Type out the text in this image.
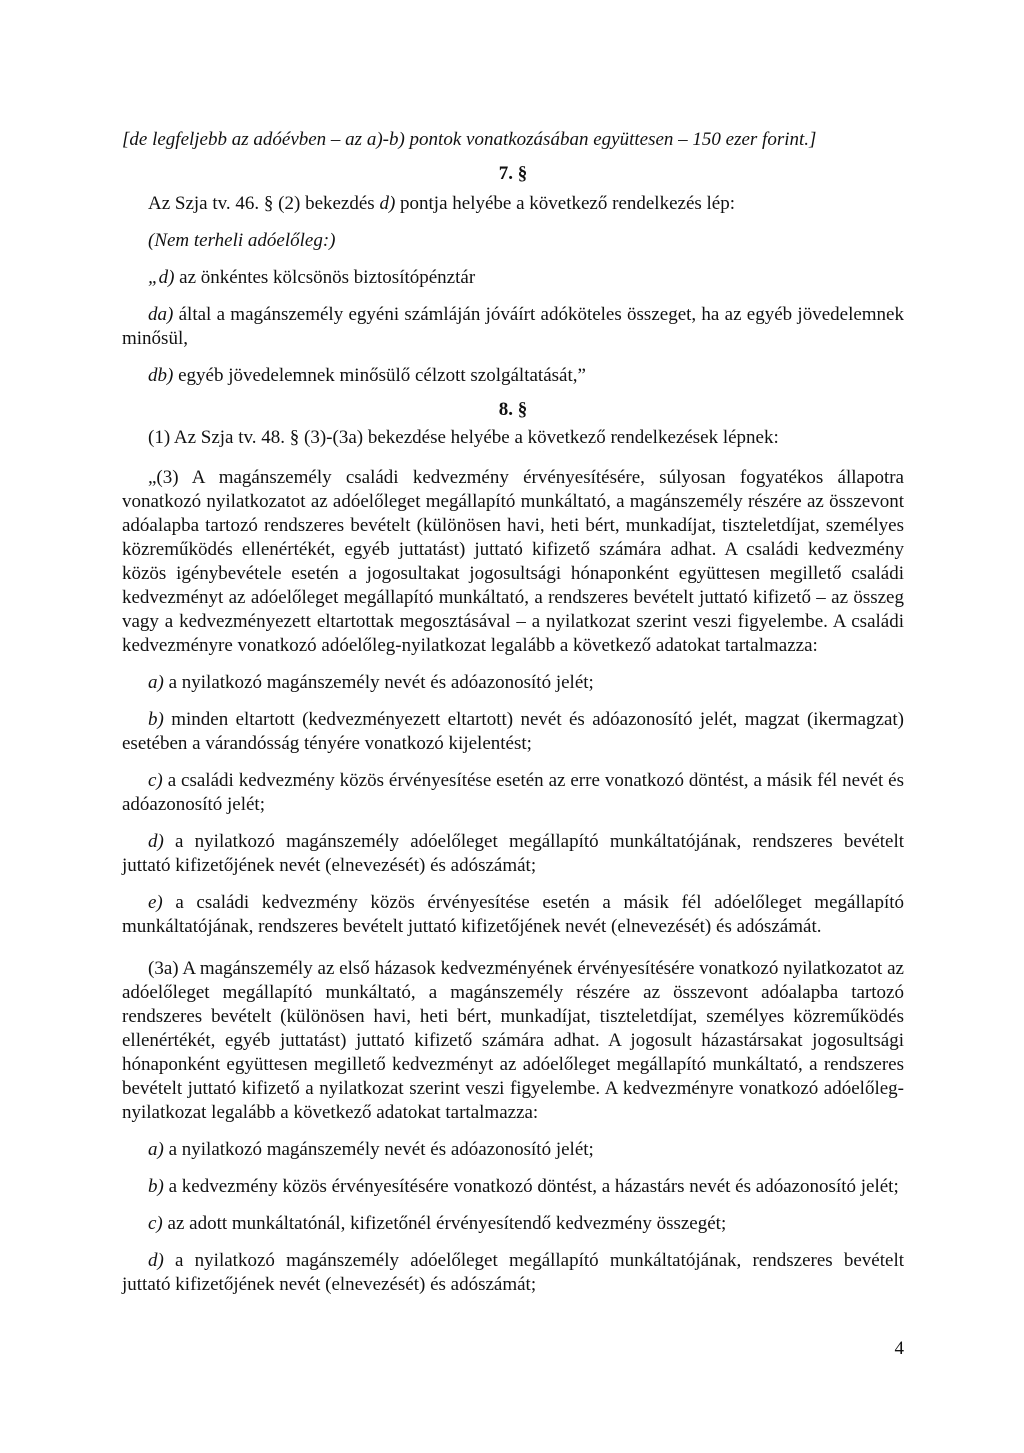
[de legfeljebb az adóévben – az a)-b) pontok vonatkozásában együttesen – 150 ezer forint.]

7. §

Az Szja tv. 46. § (2) bekezdés d) pontja helyébe a következő rendelkezés lép:

(Nem terheli adóelőleg:)

„d) az önkéntes kölcsönös biztosítópénztár

da) által a magánszemély egyéni számláján jóváírt adóköteles összeget, ha az egyéb jövedelemnek minősül,

db) egyéb jövedelemnek minősülő célzott szolgáltatását,”

8. §

(1) Az Szja tv. 48. § (3)-(3a) bekezdése helyébe a következő rendelkezések lépnek:

„(3) A magánszemély családi kedvezmény érvényesítésére, súlyosan fogyatékos állapotra vonatkozó nyilatkozatot az adóelőleget megállapító munkáltató, a magánszemély részére az összevont adóalapba tartozó rendszeres bevételt (különösen havi, heti bért, munkadíjat, tiszteletdíjat, személyes közreműködés ellenértékét, egyéb juttatást) juttató kifizető számára adhat. A családi kedvezmény közös igénybevétele esetén a jogosultakat jogosultsági hónaponként együttesen megillető családi kedvezményt az adóelőleget megállapító munkáltató, a rendszeres bevételt juttató kifizető – az összeg vagy a kedvezményezett eltartottak megosztásával – a nyilatkozat szerint veszi figyelembe. A családi kedvezményre vonatkozó adóelőleg-nyilatkozat legalább a következő adatokat tartalmazza:

a) a nyilatkozó magánszemély nevét és adóazonosító jelét;

b) minden eltartott (kedvezményezett eltartott) nevét és adóazonosító jelét, magzat (ikermagzat) esetében a várandósság tényére vonatkozó kijelentést;

c) a családi kedvezmény közös érvényesítése esetén az erre vonatkozó döntést, a másik fél nevét és adóazonosító jelét;

d) a nyilatkozó magánszemély adóelőleget megállapító munkáltatójának, rendszeres bevételt juttató kifizetőjének nevét (elnevezését) és adószámát;

e) a családi kedvezmény közös érvényesítése esetén a másik fél adóelőleget megállapító munkáltatójának, rendszeres bevételt juttató kifizetőjének nevét (elnevezését) és adószámát.

(3a) A magánszemély az első házasok kedvezményének érvényesítésére vonatkozó nyilatkozatot az adóelőleget megállapító munkáltató, a magánszemély részére az összevont adóalapba tartozó rendszeres bevételt (különösen havi, heti bért, munkadíjat, tiszteletdíjat, személyes közreműködés ellenértékét, egyéb juttatást) juttató kifizető számára adhat. A jogosult házastársakat jogosultsági hónaponként együttesen megillető kedvezményt az adóelőleget megállapító munkáltató, a rendszeres bevételt juttató kifizető a nyilatkozat szerint veszi figyelembe. A kedvezményre vonatkozó adóelőleg-nyilatkozat legalább a következő adatokat tartalmazza:

a) a nyilatkozó magánszemély nevét és adóazonosító jelét;

b) a kedvezmény közös érvényesítésére vonatkozó döntést, a házastárs nevét és adóazonosító jelét;

c) az adott munkáltatónál, kifizetőnél érvényesítendő kedvezmény összegét;

d) a nyilatkozó magánszemély adóelőleget megállapító munkáltatójának, rendszeres bevételt juttató kifizetőjének nevét (elnevezését) és adószámát;

4
